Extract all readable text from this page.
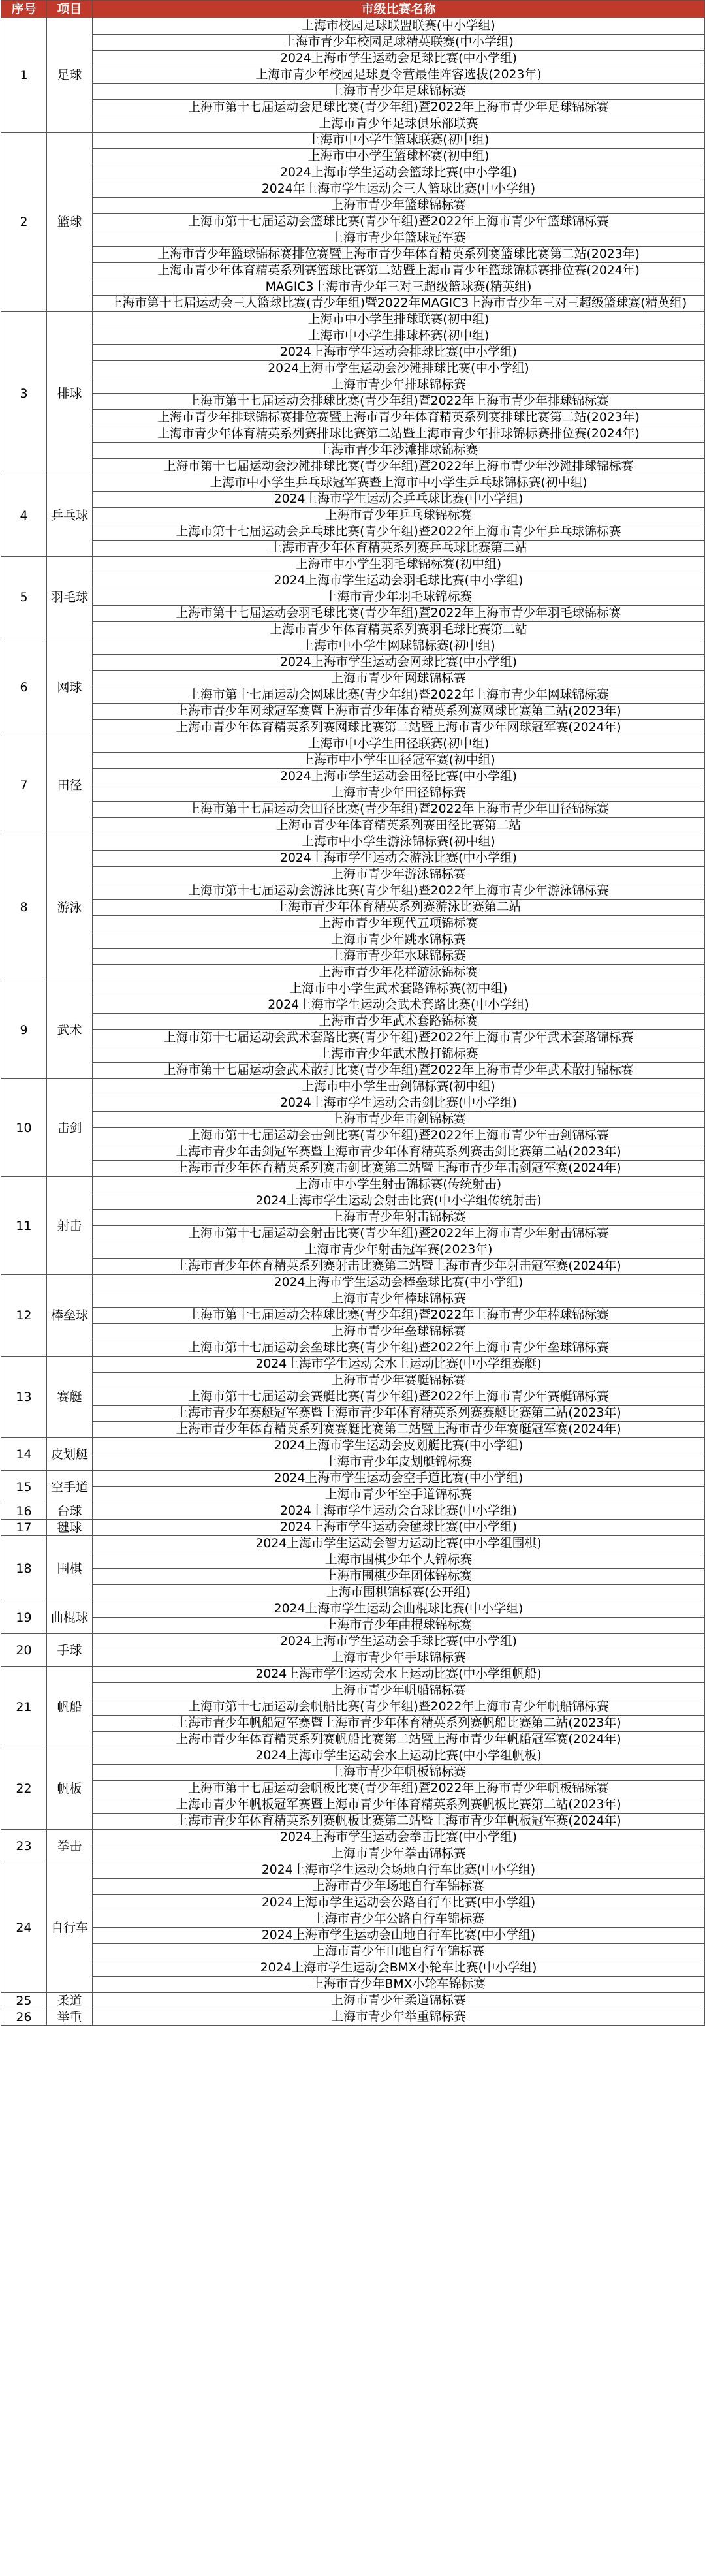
序号	项目	市级比赛名称
1	足球	上海市校园足球联盟联赛(中小学组)
		上海市青少年校园足球精英联赛(中小学组)
		2024上海市学生运动会足球比赛(中小学组)
		上海市青少年校园足球夏令营最佳阵容选拔(2023年)
		上海市青少年足球锦标赛
		上海市第十七届运动会足球比赛(青少年组)暨2022年上海市青少年足球锦标赛
		上海市青少年足球俱乐部联赛
2	篮球	上海市中小学生篮球联赛(初中组)
		上海市中小学生篮球杯赛(初中组)
		2024上海市学生运动会篮球比赛(中小学组)
		2024年上海市学生运动会三人篮球比赛(中小学组)
		上海市青少年篮球锦标赛
		上海市第十七届运动会篮球比赛(青少年组)暨2022年上海市青少年篮球锦标赛
		上海市青少年篮球冠军赛
		上海市青少年篮球锦标赛排位赛暨上海市青少年体育精英系列赛篮球比赛第二站(2023年)
		上海市青少年体育精英系列赛篮球比赛第二站暨上海市青少年篮球锦标赛排位赛(2024年)
		MAGIC3上海市青少年三对三超级篮球赛(精英组)
		上海市第十七届运动会三人篮球比赛(青少年组)暨2022年MAGIC3上海市青少年三对三超级篮球赛(精英组)
3	排球	上海市中小学生排球联赛(初中组)
		上海市中小学生排球杯赛(初中组)
		2024上海市学生运动会排球比赛(中小学组)
		2024上海市学生运动会沙滩排球比赛(中小学组)
		上海市青少年排球锦标赛
		上海市第十七届运动会排球比赛(青少年组)暨2022年上海市青少年排球锦标赛
		上海市青少年排球锦标赛排位赛暨上海市青少年体育精英系列赛排球比赛第二站(2023年)
		上海市青少年体育精英系列赛排球比赛第二站暨上海市青少年排球锦标赛排位赛(2024年)
		上海市青少年沙滩排球锦标赛
		上海市第十七届运动会沙滩排球比赛(青少年组)暨2022年上海市青少年沙滩排球锦标赛
4	乒乓球	上海市中小学生乒乓球冠军赛暨上海市中小学生乒乓球锦标赛(初中组)
		2024上海市学生运动会乒乓球比赛(中小学组)
		上海市青少年乒乓球锦标赛
		上海市第十七届运动会乒乓球比赛(青少年组)暨2022年上海市青少年乒乓球锦标赛
		上海市青少年体育精英系列赛乒乓球比赛第二站
5	羽毛球	上海市中小学生羽毛球锦标赛(初中组)
		2024上海市学生运动会羽毛球比赛(中小学组)
		上海市青少年羽毛球锦标赛
		上海市第十七届运动会羽毛球比赛(青少年组)暨2022年上海市青少年羽毛球锦标赛
		上海市青少年体育精英系列赛羽毛球比赛第二站
6	网球	上海市中小学生网球锦标赛(初中组)
		2024上海市学生运动会网球比赛(中小学组)
		上海市青少年网球锦标赛
		上海市第十七届运动会网球比赛(青少年组)暨2022年上海市青少年网球锦标赛
		上海市青少年网球冠军赛暨上海市青少年体育精英系列赛网球比赛第二站(2023年)
		上海市青少年体育精英系列赛网球比赛第二站暨上海市青少年网球冠军赛(2024年)
7	田径	上海市中小学生田径联赛(初中组)
		上海市中小学生田径冠军赛(初中组)
		2024上海市学生运动会田径比赛(中小学组)
		上海市青少年田径锦标赛
		上海市第十七届运动会田径比赛(青少年组)暨2022年上海市青少年田径锦标赛
		上海市青少年体育精英系列赛田径比赛第二站
8	游泳	上海市中小学生游泳锦标赛(初中组)
		2024上海市学生运动会游泳比赛(中小学组)
		上海市青少年游泳锦标赛
		上海市第十七届运动会游泳比赛(青少年组)暨2022年上海市青少年游泳锦标赛
		上海市青少年体育精英系列赛游泳比赛第二站
		上海市青少年现代五项锦标赛
		上海市青少年跳水锦标赛
		上海市青少年水球锦标赛
		上海市青少年花样游泳锦标赛
9	武术	上海市中小学生武术套路锦标赛(初中组)
		2024上海市学生运动会武术套路比赛(中小学组)
		上海市青少年武术套路锦标赛
		上海市第十七届运动会武术套路比赛(青少年组)暨2022年上海市青少年武术套路锦标赛
		上海市青少年武术散打锦标赛
		上海市第十七届运动会武术散打比赛(青少年组)暨2022年上海市青少年武术散打锦标赛
10	击剑	上海市中小学生击剑锦标赛(初中组)
		2024上海市学生运动会击剑比赛(中小学组)
		上海市青少年击剑锦标赛
		上海市第十七届运动会击剑比赛(青少年组)暨2022年上海市青少年击剑锦标赛
		上海市青少年击剑冠军赛暨上海市青少年体育精英系列赛击剑比赛第二站(2023年)
		上海市青少年体育精英系列赛击剑比赛第二站暨上海市青少年击剑冠军赛(2024年)
11	射击	上海市中小学生射击锦标赛(传统射击)
		2024上海市学生运动会射击比赛(中小学组传统射击)
		上海市青少年射击锦标赛
		上海市第十七届运动会射击比赛(青少年组)暨2022年上海市青少年射击锦标赛
		上海市青少年射击冠军赛(2023年)
		上海市青少年体育精英系列赛射击比赛第二站暨上海市青少年射击冠军赛(2024年)
12	棒垒球	2024上海市学生运动会棒垒球比赛(中小学组)
		上海市青少年棒球锦标赛
		上海市第十七届运动会棒球比赛(青少年组)暨2022年上海市青少年棒球锦标赛
		上海市青少年垒球锦标赛
		上海市第十七届运动会垒球比赛(青少年组)暨2022年上海市青少年垒球锦标赛
13	赛艇	2024上海市学生运动会水上运动比赛(中小学组赛艇)
		上海市青少年赛艇锦标赛
		上海市第十七届运动会赛艇比赛(青少年组)暨2022年上海市青少年赛艇锦标赛
		上海市青少年赛艇冠军赛暨上海市青少年体育精英系列赛赛艇比赛第二站(2023年)
		上海市青少年体育精英系列赛赛艇比赛第二站暨上海市青少年赛艇冠军赛(2024年)
14	皮划艇	2024上海市学生运动会皮划艇比赛(中小学组)
		上海市青少年皮划艇锦标赛
15	空手道	2024上海市学生运动会空手道比赛(中小学组)
		上海市青少年空手道锦标赛
16	台球	2024上海市学生运动会台球比赛(中小学组)
17	毽球	2024上海市学生运动会毽球比赛(中小学组)
18	围棋	2024上海市学生运动会智力运动比赛(中小学组围棋)
		上海市围棋少年个人锦标赛
		上海市围棋少年团体锦标赛
		上海市围棋锦标赛(公开组)
19	曲棍球	2024上海市学生运动会曲棍球比赛(中小学组)
		上海市青少年曲棍球锦标赛
20	手球	2024上海市学生运动会手球比赛(中小学组)
		上海市青少年手球锦标赛
21	帆船	2024上海市学生运动会水上运动比赛(中小学组帆船)
		上海市青少年帆船锦标赛
		上海市第十七届运动会帆船比赛(青少年组)暨2022年上海市青少年帆船锦标赛
		上海市青少年帆船冠军赛暨上海市青少年体育精英系列赛帆船比赛第二站(2023年)
		上海市青少年体育精英系列赛帆船比赛第二站暨上海市青少年帆船冠军赛(2024年)
22	帆板	2024上海市学生运动会水上运动比赛(中小学组帆板)
		上海市青少年帆板锦标赛
		上海市第十七届运动会帆板比赛(青少年组)暨2022年上海市青少年帆板锦标赛
		上海市青少年帆板冠军赛暨上海市青少年体育精英系列赛帆板比赛第二站(2023年)
		上海市青少年体育精英系列赛帆板比赛第二站暨上海市青少年帆板冠军赛(2024年)
23	拳击	2024上海市学生运动会拳击比赛(中小学组)
		上海市青少年拳击锦标赛
24	自行车	2024上海市学生运动会场地自行车比赛(中小学组)
		上海市青少年场地自行车锦标赛
		2024上海市学生运动会公路自行车比赛(中小学组)
		上海市青少年公路自行车锦标赛
		2024上海市学生运动会山地自行车比赛(中小学组)
		上海市青少年山地自行车锦标赛
		2024上海市学生运动会BMX小轮车比赛(中小学组)
		上海市青少年BMX小轮车锦标赛
25	柔道	上海市青少年柔道锦标赛
26	举重	上海市青少年举重锦标赛
